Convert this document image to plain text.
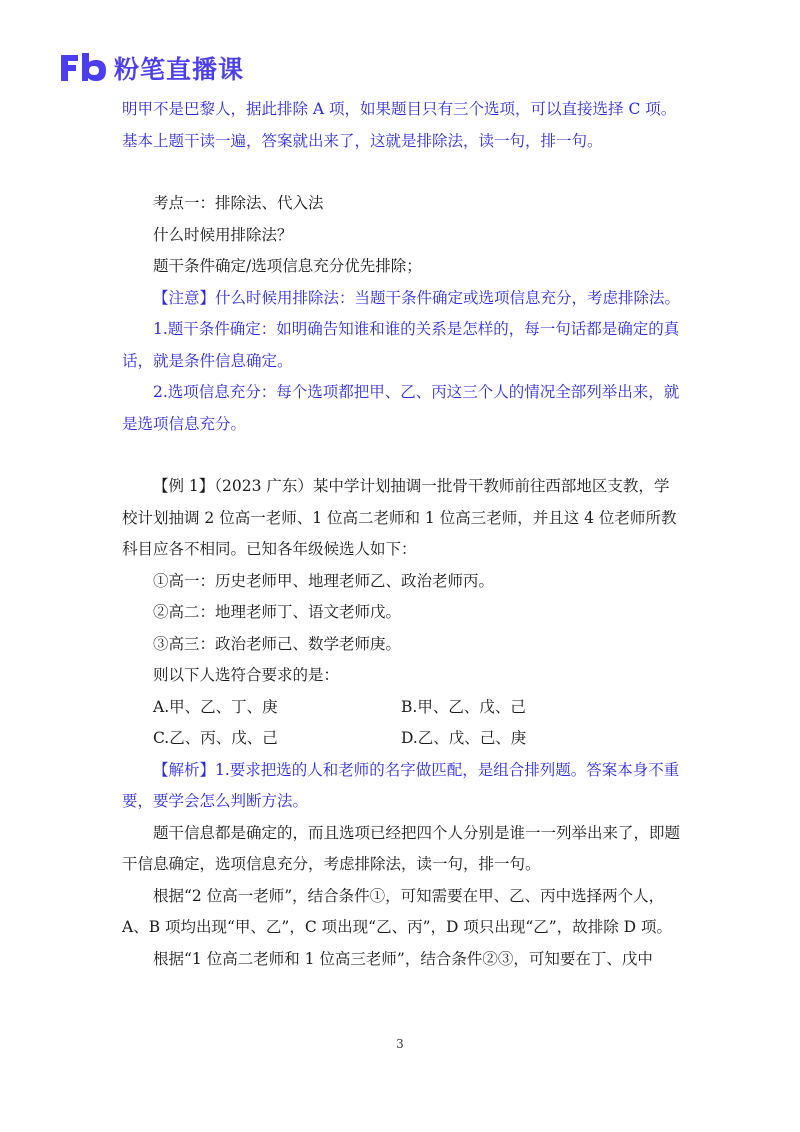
粉笔直播课

明甲不是巴黎人，据此排除 A 项，如果题目只有三个选项，可以直接选择 C 项。基本上题干读一遍，答案就出来了，这就是排除法，读一句，排一句。

考点一：排除法、代入法

什么时候用排除法？

题干条件确定/选项信息充分优先排除；

【注意】什么时候用排除法：当题干条件确定或选项信息充分，考虑排除法。

1.题干条件确定：如明确告知谁和谁的关系是怎样的，每一句话都是确定的真话，就是条件信息确定。

2.选项信息充分：每个选项都把甲、乙、丙这三个人的情况全部列举出来，就是选项信息充分。

【例 1】（2023 广东）某中学计划抽调一批骨干教师前往西部地区支教，学校计划抽调 2 位高一老师、1 位高二老师和 1 位高三老师，并且这 4 位老师所教科目应各不相同。已知各年级候选人如下：

①高一：历史老师甲、地理老师乙、政治老师丙。

②高二：地理老师丁、语文老师戊。

③高三：政治老师己、数学老师庚。

则以下人选符合要求的是：

A.甲、乙、丁、庚	B.甲、乙、戊、己
C.乙、丙、戊、己	D.乙、戊、己、庚

【解析】1.要求把选的人和老师的名字做匹配，是组合排列题。答案本身不重要，要学会怎么判断方法。

题干信息都是确定的，而且选项已经把四个人分别是谁一一列举出来了，即题干信息确定，选项信息充分，考虑排除法，读一句，排一句。

根据“2 位高一老师”，结合条件①，可知需要在甲、乙、丙中选择两个人，A、B 项均出现“甲、乙”，C 项出现“乙、丙”，D 项只出现“乙”，故排除 D 项。

根据“1 位高二老师和 1 位高三老师”，结合条件②③，可知要在丁、戊中

3
